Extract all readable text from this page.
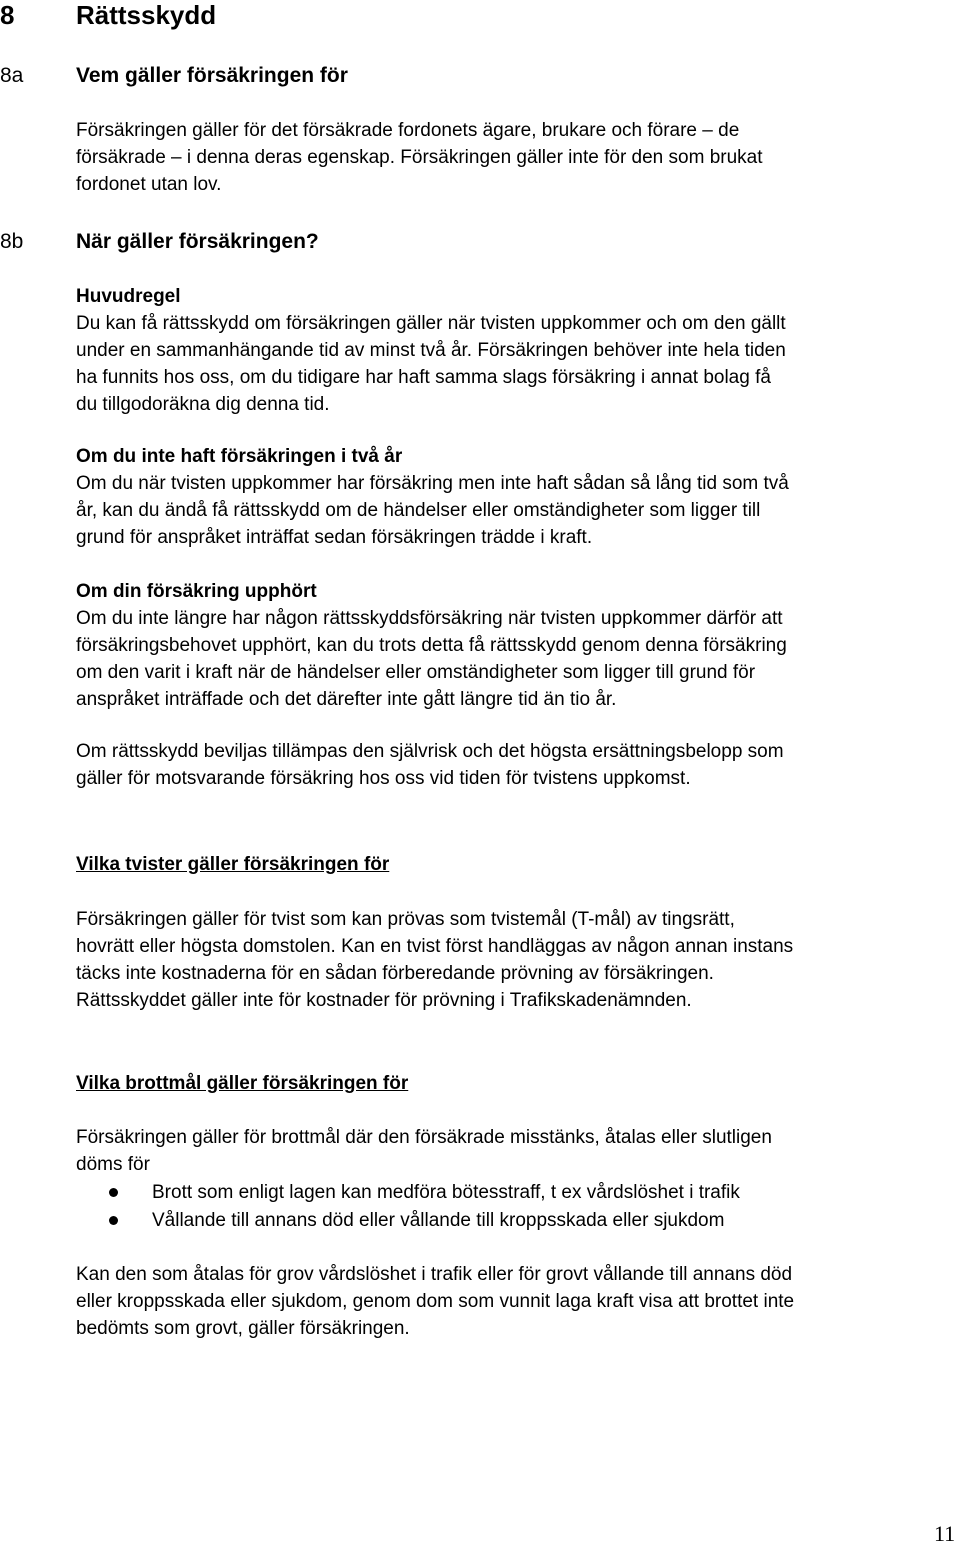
8 Rättsskydd
8a	Vem gäller försäkringen för
Försäkringen gäller för det försäkrade fordonets ägare, brukare och förare – de
försäkrade – i denna deras egenskap. Försäkringen gäller inte för den som brukat
fordonet utan lov.
8b	När gäller försäkringen?
Huvudregel
Du kan få rättsskydd om försäkringen gäller när tvisten uppkommer och om den gällt
under en sammanhängande tid av minst två år. Försäkringen behöver inte hela tiden
ha funnits hos oss, om du tidigare har haft samma slags försäkring i annat bolag få
du tillgodoräkna dig denna tid.
Om du inte haft försäkringen i två år
Om du när tvisten uppkommer har försäkring men inte haft sådan så lång tid som två
år, kan du ändå få rättsskydd om de händelser eller omständigheter som ligger till
grund för anspråket inträffat sedan försäkringen trädde i kraft.
Om din försäkring upphört
Om du inte längre har någon rättsskyddsförsäkring när tvisten uppkommer därför att
försäkringsbehovet upphört, kan du trots detta få rättsskydd genom denna försäkring
om den varit i kraft när de händelser eller omständigheter som ligger till grund för
anspråket inträffade och det därefter inte gått längre tid än tio år.
Om rättsskydd beviljas tillämpas den självrisk och det högsta ersättningsbelopp som
gäller för motsvarande försäkring hos oss vid tiden för tvistens uppkomst.
Vilka tvister gäller försäkringen för
Försäkringen gäller för tvist som kan prövas som tvistemål (T-mål) av tingsrätt,
hovrätt eller högsta domstolen. Kan en tvist först handläggas av någon annan instans
täcks inte kostnaderna för en sådan förberedande prövning av försäkringen.
Rättsskyddet gäller inte för kostnader för prövning i Trafikskadenämnden.
Vilka brottmål gäller försäkringen för
Försäkringen gäller för brottmål där den försäkrade misstänks, åtalas eller slutligen
döms för
Brott som enligt lagen kan medföra bötesstraff, t ex vårdslöshet i trafik
Vållande till annans död eller vållande till kroppsskada eller sjukdom
Kan den som åtalas för grov vårdslöshet i trafik eller för grovt vållande till annans död
eller kroppsskada eller sjukdom, genom dom som vunnit laga kraft visa att brottet inte
bedömts som grovt, gäller försäkringen.
11
